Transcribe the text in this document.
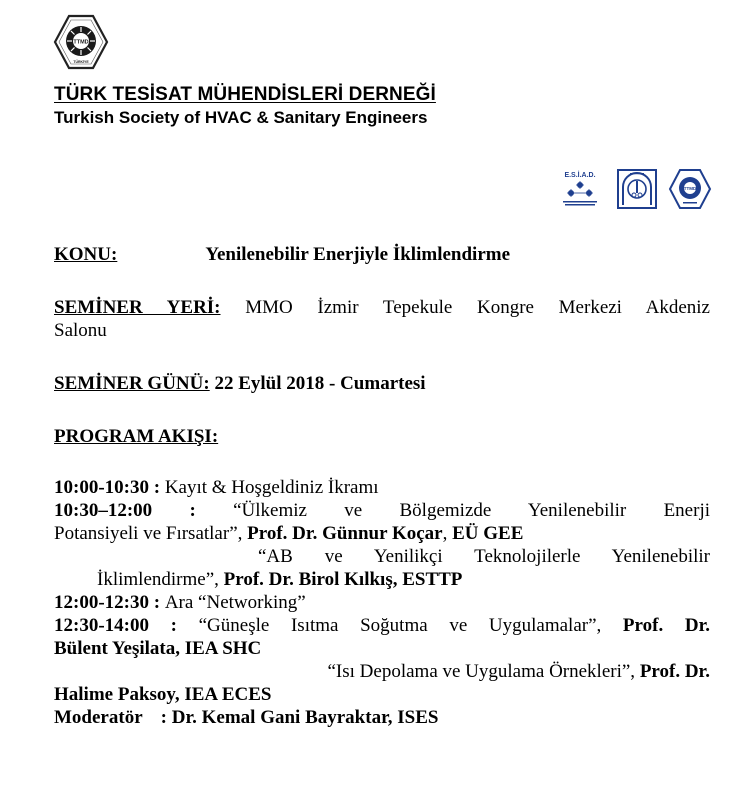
TTMD
TÜRKİYE
TÜRK TESİSAT MÜHENDİSLERİ DERNEĞİ
Turkish Society of HVAC & Sanitary Engineers
E.S.İ.A.D.
TTMD
KONU:	Yenilenebilir Enerjiyle İklimlendirme
SEMİNER YERİ: MMO İzmir Tepekule Kongre Merkezi Akdeniz
Salonu
SEMİNER GÜNÜ: 22 Eylül 2018 - Cumartesi
PROGRAM AKIŞI:
10:00-10:30 : Kayıt & Hoşgeldiniz İkramı
10:30–12:00 : “Ülkemiz ve Bölgemizde Yenilenebilir Enerji
Potansiyeli ve Fırsatlar”, Prof. Dr. Günnur Koçar, EÜ GEE
“AB ve Yenilikçi Teknolojilerle Yenilenebilir
İklimlendirme”, Prof. Dr. Birol Kılkış, ESTTP
12:00-12:30 : Ara “Networking”
12:30-14:00 : “Güneşle Isıtma Soğutma ve Uygulamalar”, Prof. Dr.
Bülent Yeşilata, IEA SHC
“Isı Depolama ve Uygulama Örnekleri”, Prof. Dr.
Halime Paksoy, IEA ECES
Moderatör : Dr. Kemal Gani Bayraktar, ISES
